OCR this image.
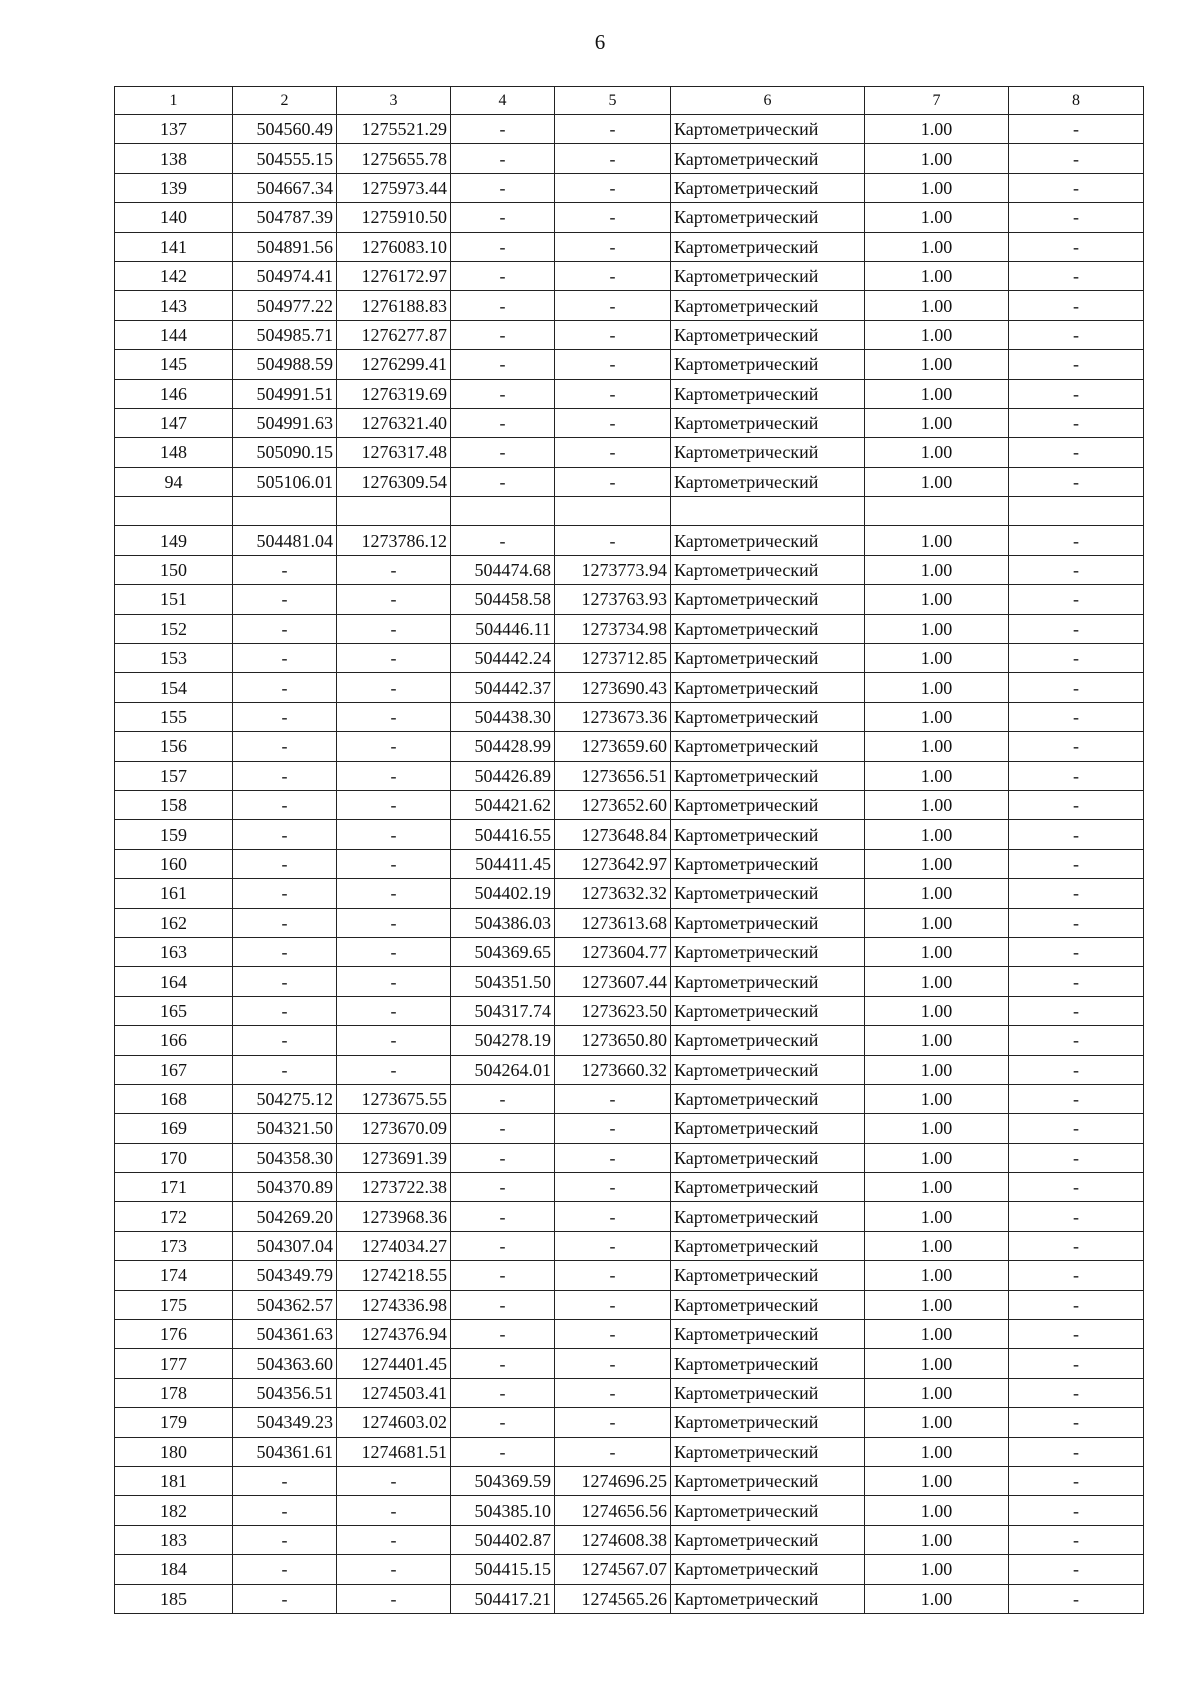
6
1	2	3	4	5	6	7	8
137	504560.49	1275521.29	-	-	Картометрический	1.00	-
138	504555.15	1275655.78	-	-	Картометрический	1.00	-
139	504667.34	1275973.44	-	-	Картометрический	1.00	-
140	504787.39	1275910.50	-	-	Картометрический	1.00	-
141	504891.56	1276083.10	-	-	Картометрический	1.00	-
142	504974.41	1276172.97	-	-	Картометрический	1.00	-
143	504977.22	1276188.83	-	-	Картометрический	1.00	-
144	504985.71	1276277.87	-	-	Картометрический	1.00	-
145	504988.59	1276299.41	-	-	Картометрический	1.00	-
146	504991.51	1276319.69	-	-	Картометрический	1.00	-
147	504991.63	1276321.40	-	-	Картометрический	1.00	-
148	505090.15	1276317.48	-	-	Картометрический	1.00	-
94	505106.01	1276309.54	-	-	Картометрический	1.00	-

149	504481.04	1273786.12	-	-	Картометрический	1.00	-
150	-	-	504474.68	1273773.94	Картометрический	1.00	-
151	-	-	504458.58	1273763.93	Картометрический	1.00	-
152	-	-	504446.11	1273734.98	Картометрический	1.00	-
153	-	-	504442.24	1273712.85	Картометрический	1.00	-
154	-	-	504442.37	1273690.43	Картометрический	1.00	-
155	-	-	504438.30	1273673.36	Картометрический	1.00	-
156	-	-	504428.99	1273659.60	Картометрический	1.00	-
157	-	-	504426.89	1273656.51	Картометрический	1.00	-
158	-	-	504421.62	1273652.60	Картометрический	1.00	-
159	-	-	504416.55	1273648.84	Картометрический	1.00	-
160	-	-	504411.45	1273642.97	Картометрический	1.00	-
161	-	-	504402.19	1273632.32	Картометрический	1.00	-
162	-	-	504386.03	1273613.68	Картометрический	1.00	-
163	-	-	504369.65	1273604.77	Картометрический	1.00	-
164	-	-	504351.50	1273607.44	Картометрический	1.00	-
165	-	-	504317.74	1273623.50	Картометрический	1.00	-
166	-	-	504278.19	1273650.80	Картометрический	1.00	-
167	-	-	504264.01	1273660.32	Картометрический	1.00	-
168	504275.12	1273675.55	-	-	Картометрический	1.00	-
169	504321.50	1273670.09	-	-	Картометрический	1.00	-
170	504358.30	1273691.39	-	-	Картометрический	1.00	-
171	504370.89	1273722.38	-	-	Картометрический	1.00	-
172	504269.20	1273968.36	-	-	Картометрический	1.00	-
173	504307.04	1274034.27	-	-	Картометрический	1.00	-
174	504349.79	1274218.55	-	-	Картометрический	1.00	-
175	504362.57	1274336.98	-	-	Картометрический	1.00	-
176	504361.63	1274376.94	-	-	Картометрический	1.00	-
177	504363.60	1274401.45	-	-	Картометрический	1.00	-
178	504356.51	1274503.41	-	-	Картометрический	1.00	-
179	504349.23	1274603.02	-	-	Картометрический	1.00	-
180	504361.61	1274681.51	-	-	Картометрический	1.00	-
181	-	-	504369.59	1274696.25	Картометрический	1.00	-
182	-	-	504385.10	1274656.56	Картометрический	1.00	-
183	-	-	504402.87	1274608.38	Картометрический	1.00	-
184	-	-	504415.15	1274567.07	Картометрический	1.00	-
185	-	-	504417.21	1274565.26	Картометрический	1.00	-
